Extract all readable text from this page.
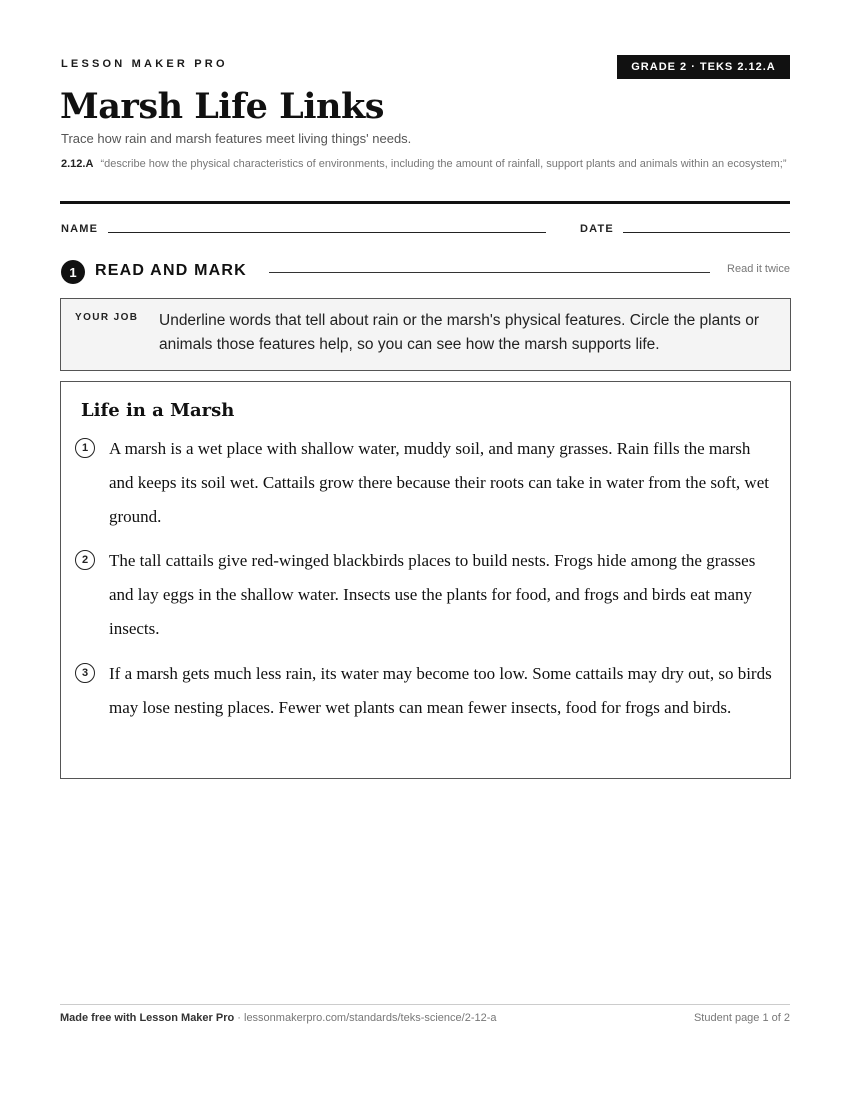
LESSON MAKER PRO	GRADE 2 · TEKS 2.12.A
Marsh Life Links
Trace how rain and marsh features meet living things' needs.
2.12.A “describe how the physical characteristics of environments, including the amount of rainfall, support plants and animals within an ecosystem;”
NAME	DATE
1	READ AND MARK	Read it twice
YOUR JOB Underline words that tell about rain or the marsh's physical features. Circle the plants or animals those features help, so you can see how the marsh supports life.
Life in a Marsh
1	A marsh is a wet place with shallow water, muddy soil, and many grasses. Rain fills the marsh and keeps its soil wet. Cattails grow there because their roots can take in water from the soft, wet ground.
2	The tall cattails give red-winged blackbirds places to build nests. Frogs hide among the grasses and lay eggs in the shallow water. Insects use the plants for food, and frogs and birds eat many insects.
3	If a marsh gets much less rain, its water may become too low. Some cattails may dry out, so birds may lose nesting places. Fewer wet plants can mean fewer insects, food for frogs and birds.
Made free with Lesson Maker Pro · lessonmakerpro.com/standards/teks-science/2-12-a	Student page 1 of 2
